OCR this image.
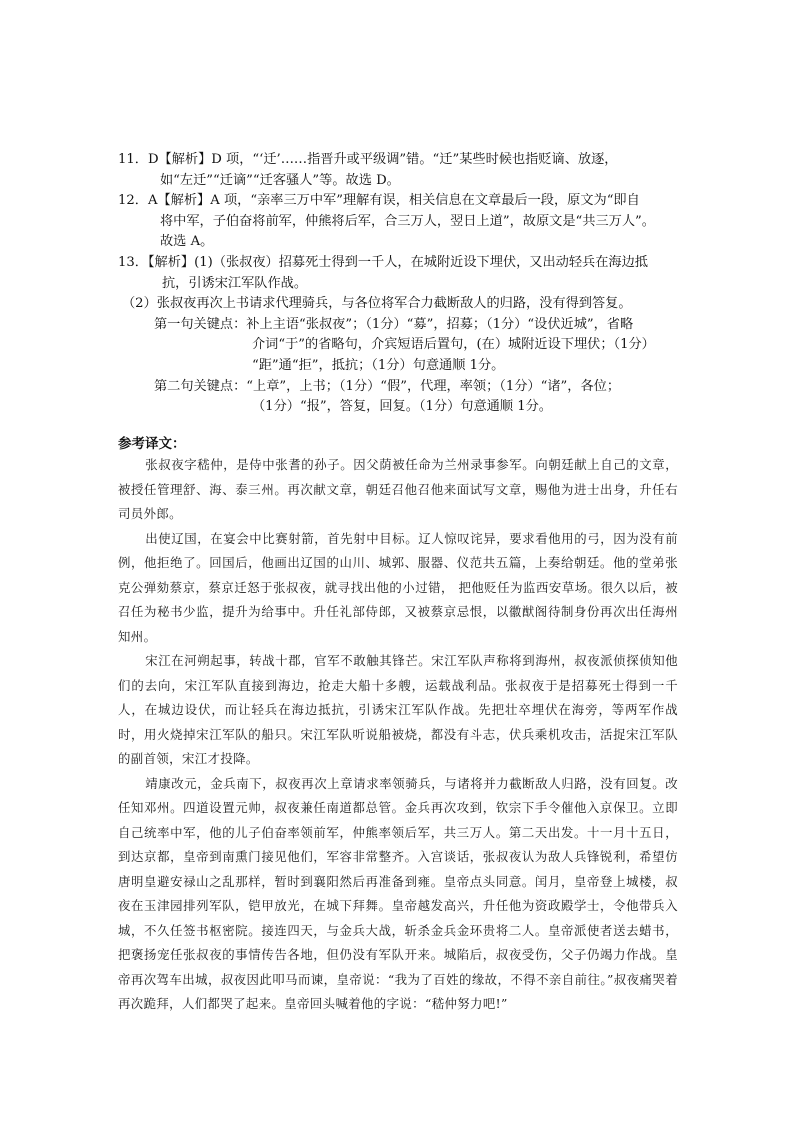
11．D【解析】D 项，“‘迁’……指晋升或平级调”错。“迁”某些时候也指贬谪、放逐，
如“左迁”“迁谪”“迁客骚人”等。故选 D。
12．A【解析】A 项，“亲率三万中军”理解有误，相关信息在文章最后一段，原文为“即自
将中军，子伯奋将前军，仲熊将后军，合三万人，翌日上道”，故原文是“共三万人”。
故选 A。
13．【解析】(1)（张叔夜）招募死士得到一千人，在城附近设下埋伏，又出动轻兵在海边抵
抗，引诱宋江军队作战。
（2）张叔夜再次上书请求代理骑兵，与各位将军合力截断敌人的归路，没有得到答复。
第一句关键点：补上主语“张叔夜”；（1分）“募”，招募；（1分）“设伏近城”，省略
介词“于”的省略句，介宾短语后置句，(在）城附近设下埋伏；（1分）
“距”通“拒”，抵抗；（1分）句意通顺 1分。
第二句关键点：“上章”，上书；（1分）“假”，代理，率领；（1分）“诸”，各位；
（1分）“报”，答复，回复。（1分）句意通顺 1分。
参考译文：

张叔夜字嵇仲，是侍中张耆的孙子。因父荫被任命为兰州录事参军。向朝廷献上自己的文章，被授任管理舒、海、泰三州。再次献文章，朝廷召他召他来面试写文章，赐他为进士出身，升任右司员外郎。

出使辽国，在宴会中比赛射箭，首先射中目标。辽人惊叹诧异，要求看他用的弓，因为没有前例，他拒绝了。回国后，他画出辽国的山川、城郭、服器、仪范共五篇，上奏给朝廷。他的堂弟张克公弹劾蔡京，蔡京迁怒于张叔夜，就寻找出他的小过错， 把他贬任为监西安草场。很久以后，被召任为秘书少监，提升为给事中。升任礼部侍郎，又被蔡京忌恨，以徽猷阁待制身份再次出任海州知州。

宋江在河朔起事，转战十郡，官军不敢触其锋芒。宋江军队声称将到海州，叔夜派侦探侦知他们的去向，宋江军队直接到海边，抢走大船十多艘，运载战利品。张叔夜于是招募死士得到一千人，在城边设伏，而让轻兵在海边抵抗，引诱宋江军队作战。先把壮卒埋伏在海旁，等两军作战时，用火烧掉宋江军队的船只。宋江军队听说船被烧，都没有斗志，伏兵乘机攻击，活捉宋江军队的副首领，宋江才投降。

靖康改元，金兵南下，叔夜再次上章请求率领骑兵，与诸将并力截断敌人归路，没有回复。改任知邓州。四道设置元帅，叔夜兼任南道都总管。金兵再次攻到，钦宗下手令催他入京保卫。立即自己统率中军，他的儿子伯奋率领前军，仲熊率领后军，共三万人。第二天出发。十一月十五日，到达京都，皇帝到南熏门接见他们，军容非常整齐。入宫谈话，张叔夜认为敌人兵锋锐利，希望仿唐明皇避安禄山之乱那样，暂时到襄阳然后再准备到雍。皇帝点头同意。闰月，皇帝登上城楼，叔夜在玉津园排列军队，铠甲放光，在城下拜舞。皇帝越发高兴，升任他为资政殿学士，令他带兵入城，不久任签书枢密院。接连四天，与金兵大战，斩杀金兵金环贵将二人。皇帝派使者送去蜡书，把褒扬宠任张叔夜的事情传告各地，但仍没有军队开来。城陷后，叔夜受伤，父子仍竭力作战。皇帝再次驾车出城，叔夜因此叩马而谏，皇帝说：“我为了百姓的缘故，不得不亲自前往。”叔夜痛哭着再次跪拜，人们都哭了起来。皇帝回头喊着他的字说：“嵇仲努力吧!”
